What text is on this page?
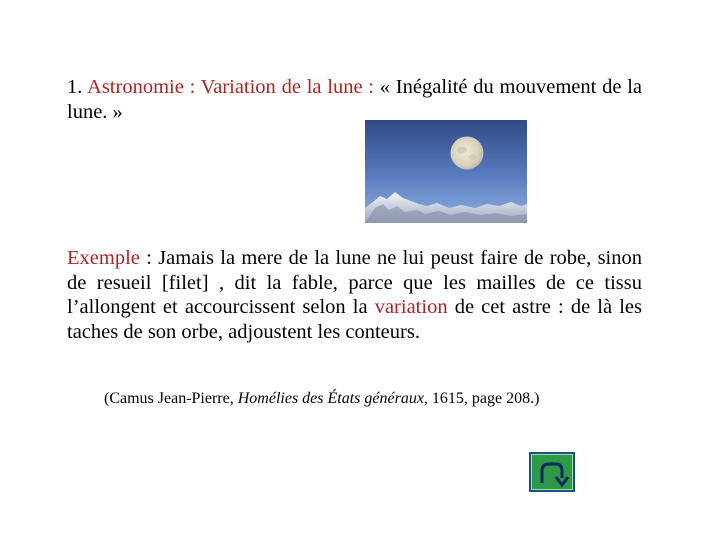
1. Astronomie : Variation de la lune : « Inégalité du mouvement de la lune. »
Exemple : Jamais la mere de la lune ne lui peust faire de robe, sinon de resueil [filet] , dit la fable, parce que les mailles de ce tissu l’allongent et accourcissent selon la variation de cet astre : de là les taches de son orbe, adjoustent les conteurs.
(Camus Jean-Pierre, Homélies des États généraux, 1615, page 208.)
